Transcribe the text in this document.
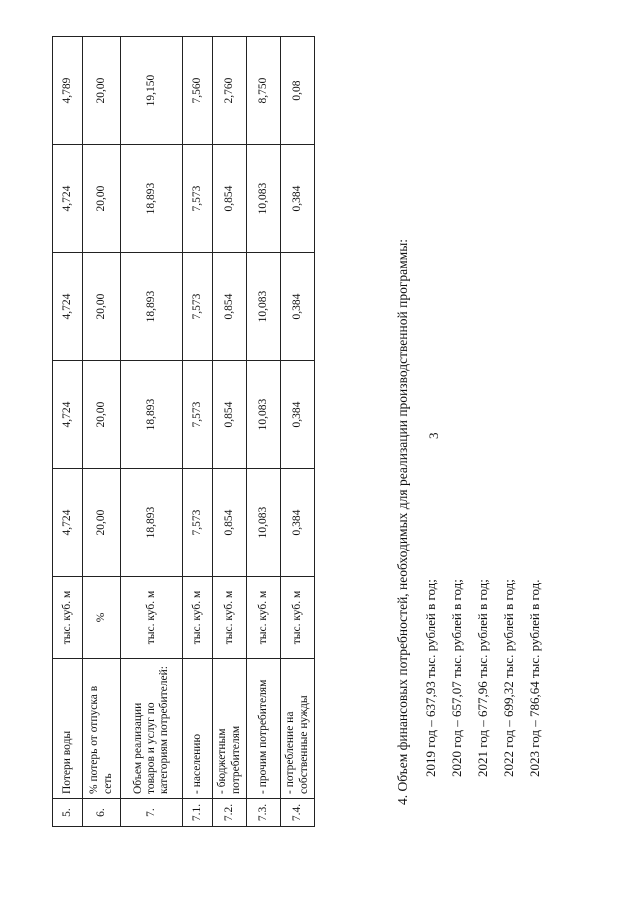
3
5.	Потери воды	тыс. куб. м	4,724	4,724	4,724	4,724	4,789
6.	% потерь от отпуска в сеть	%	20,00	20,00	20,00	20,00	20,00
7.	Объем реализации товаров и услуг по категориям потребителей:	тыс. куб. м	18,893	18,893	18,893	18,893	19,150
7.1.	- населению	тыс. куб. м	7,573	7,573	7,573	7,573	7,560
7.2.	- бюджетным потребителям	тыс. куб. м	0,854	0,854	0,854	0,854	2,760
7.3.	- прочим потребителям	тыс. куб. м	10,083	10,083	10,083	10,083	8,750
7.4.	- потребление на собственные нужды	тыс. куб. м	0,384	0,384	0,384	0,384	0,08

4. Объем финансовых потребностей, необходимых для реализации производственной программы: 2019 год – 637,93 тыс. рублей в год; 2020 год – 657,07 тыс. рублей в год; 2021 год – 677,96 тыс. рублей в год; 2022 год – 699,32 тыс. рублей в год; 2023 год – 786,64 тыс. рублей в год.
